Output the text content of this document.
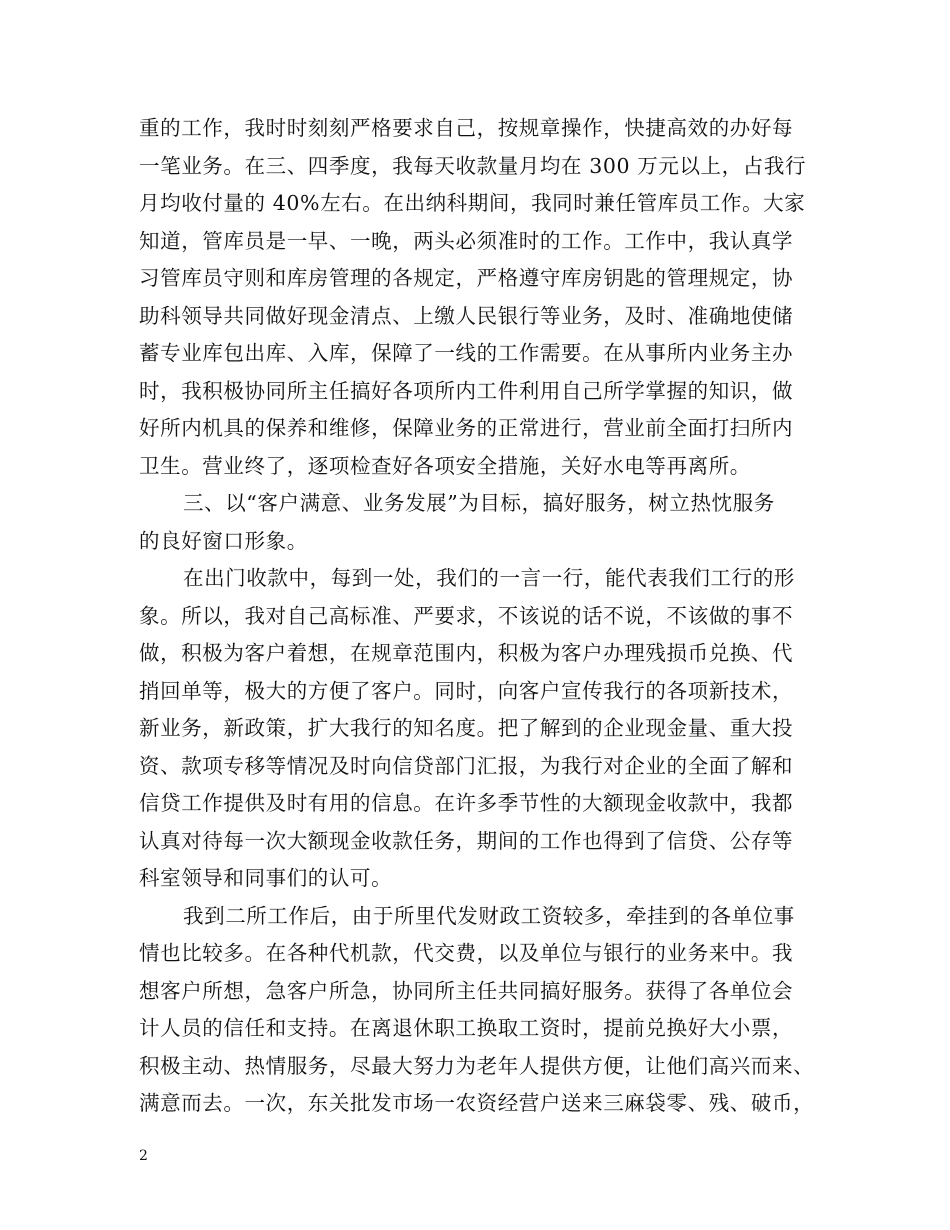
重的工作，我时时刻刻严格要求自己，按规章操作，快捷高效的办好每
一笔业务。在三、四季度，我每天收款量月均在 300 万元以上，占我行
月均收付量的 40%左右。在出纳科期间，我同时兼任管库员工作。大家
知道，管库员是一早、一晚，两头必须准时的工作。工作中，我认真学
习管库员守则和库房管理的各规定，严格遵守库房钥匙的管理规定，协
助科领导共同做好现金清点、上缴人民银行等业务，及时、准确地使储
蓄专业库包出库、入库，保障了一线的工作需要。在从事所内业务主办
时，我积极协同所主任搞好各项所内工件利用自己所学掌握的知识，做
好所内机具的保养和维修，保障业务的正常进行，营业前全面打扫所内
卫生。营业终了，逐项检查好各项安全措施，关好水电等再离所。
三、以“客户满意、业务发展”为目标，搞好服务，树立热忱服务
的良好窗口形象。
在出门收款中，每到一处，我们的一言一行，能代表我们工行的形
象。所以，我对自己高标准、严要求，不该说的话不说，不该做的事不
做，积极为客户着想，在规章范围内，积极为客户办理残损币兑换、代
捎回单等，极大的方便了客户。同时，向客户宣传我行的各项新技术，
新业务，新政策，扩大我行的知名度。把了解到的企业现金量、重大投
资、款项专移等情况及时向信贷部门汇报，为我行对企业的全面了解和
信贷工作提供及时有用的信息。在许多季节性的大额现金收款中，我都
认真对待每一次大额现金收款任务，期间的工作也得到了信贷、公存等
科室领导和同事们的认可。
我到二所工作后，由于所里代发财政工资较多，牵挂到的各单位事
情也比较多。在各种代机款，代交费，以及单位与银行的业务来中。我
想客户所想，急客户所急，协同所主任共同搞好服务。获得了各单位会
计人员的信任和支持。在离退休职工换取工资时，提前兑换好大小票，
积极主动、热情服务，尽最大努力为老年人提供方便，让他们高兴而来、
满意而去。一次，东关批发市场一农资经营户送来三麻袋零、残、破币，
2
